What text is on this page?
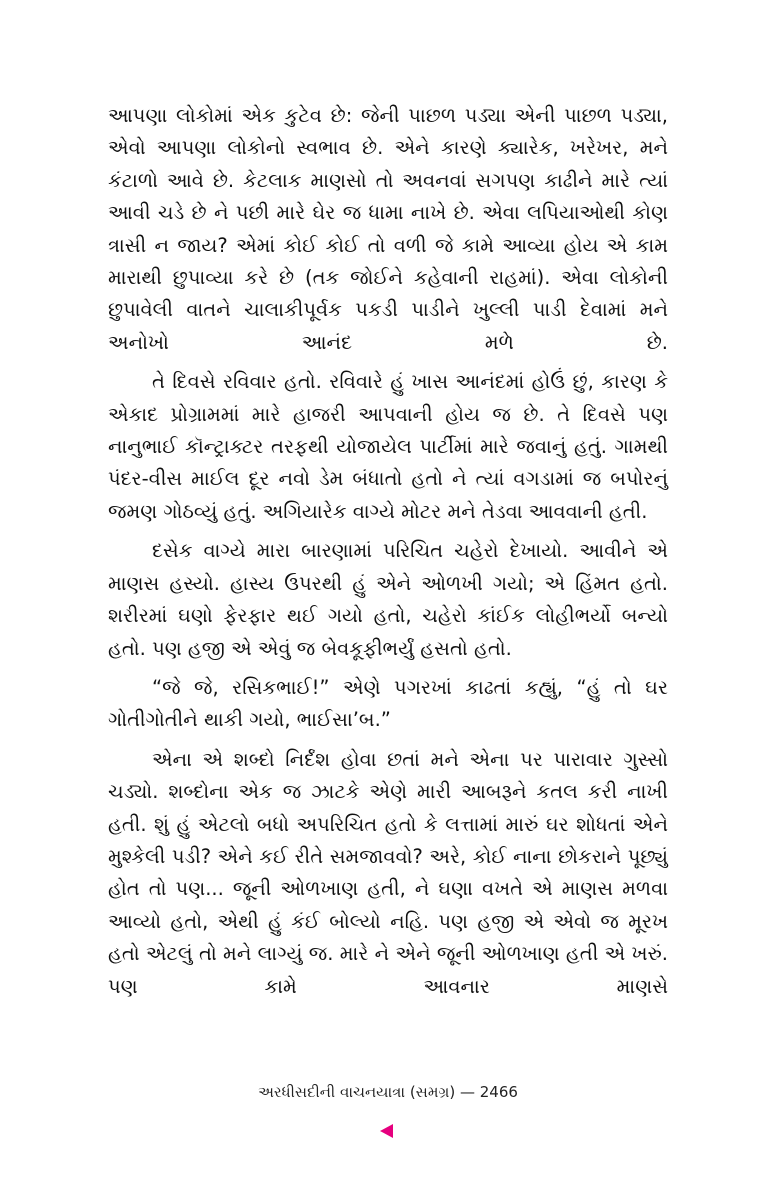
આપણા લોકોમાં એક કુટેવ છે: જેની પાછળ પડ્યા એની પાછળ પડ્યા, એવો આપણા લોકોનો સ્વભાવ છે. એને કારણે ક્યારેક, ખરેખર, મને કંટાળો આવે છે. કેટલાક માણસો તો અવનવાં સગપણ કાઢીને મારે ત્યાં આવી ચડે છે ને પછી મારે ઘેર જ ધામા નાખે છે. એવા લપિયાઓથી કોણ ત્રાસી ન જાય? એમાં કોઈ કોઈ તો વળી જે કામે આવ્યા હોય એ કામ મારાથી છુપાવ્યા કરે છે (તક જોઈને કહેવાની રાહમાં). એવા લોકોની છુપાવેલી વાતને ચાલાકીપૂર્વક પકડી પાડીને ખુલ્લી પાડી દેવામાં મને અનોખો આનંદ મળે છે.

તે દિવસે રવિવાર હતો. રવિવારે હું ખાસ આનંદમાં હોઉં છું, કારણ કે એકાદ પ્રોગ્રામમાં મારે હાજરી આપવાની હોય જ છે. તે દિવસે પણ નાનુભાઈ કૉન્ટ્રાક્ટર તરફથી યોજાયેલ પાર્ટીમાં મારે જવાનું હતું. ગામથી પંદર-વીસ માઈલ દૂર નવો ડેમ બંધાતો હતો ને ત્યાં વગડામાં જ બપોરનું જમણ ગોઠવ્યું હતું. અગિયારેક વાગ્યે મોટર મને તેડવા આવવાની હતી.

દસેક વાગ્યે મારા બારણામાં પરિચિત ચહેરો દેખાયો. આવીને એ માણસ હસ્યો. હાસ્ય ઉપરથી હું એને ઓળખી ગયો; એ હિંમત હતો. શરીરમાં ઘણો ફેરફાર થઈ ગયો હતો, ચહેરો કાંઈક લોહીભર્યો બન્યો હતો. પણ હજી એ એવું જ બેવકૂફીભર્યું હસતો હતો.

“જે જે, રસિકભાઈ!” એણે પગરખાં કાઢતાં કહ્યું, “હું તો ઘર ગોતીગોતીને થાકી ગયો, ભાઈસા’બ.”

એના એ શબ્દો નિર્દંશ હોવા છતાં મને એના પર પારાવાર ગુસ્સો ચડ્યો. શબ્દોના એક જ ઝાટકે એણે મારી આબરૂને કતલ કરી નાખી હતી. શું હું એટલો બધો અપરિચિત હતો કે લત્તામાં મારું ઘર શોધતાં એને મુશ્કેલી પડી? એને કઈ રીતે સમજાવવો? અરે, કોઈ નાના છોકરાને પૂછ્યું હોત તો પણ... જૂની ઓળખાણ હતી, ને ઘણા વખતે એ માણસ મળવા આવ્યો હતો, એથી હું કંઈ બોલ્યો નહિ. પણ હજી એ એવો જ મૂરખ હતો એટલું તો મને લાગ્યું જ. મારે ને એને જૂની ઓળખાણ હતી એ ખરું. પણ કામે આવનાર માણસે

અરધીસદીની વાચનયાત્રા (સમગ્ર) — 2466
